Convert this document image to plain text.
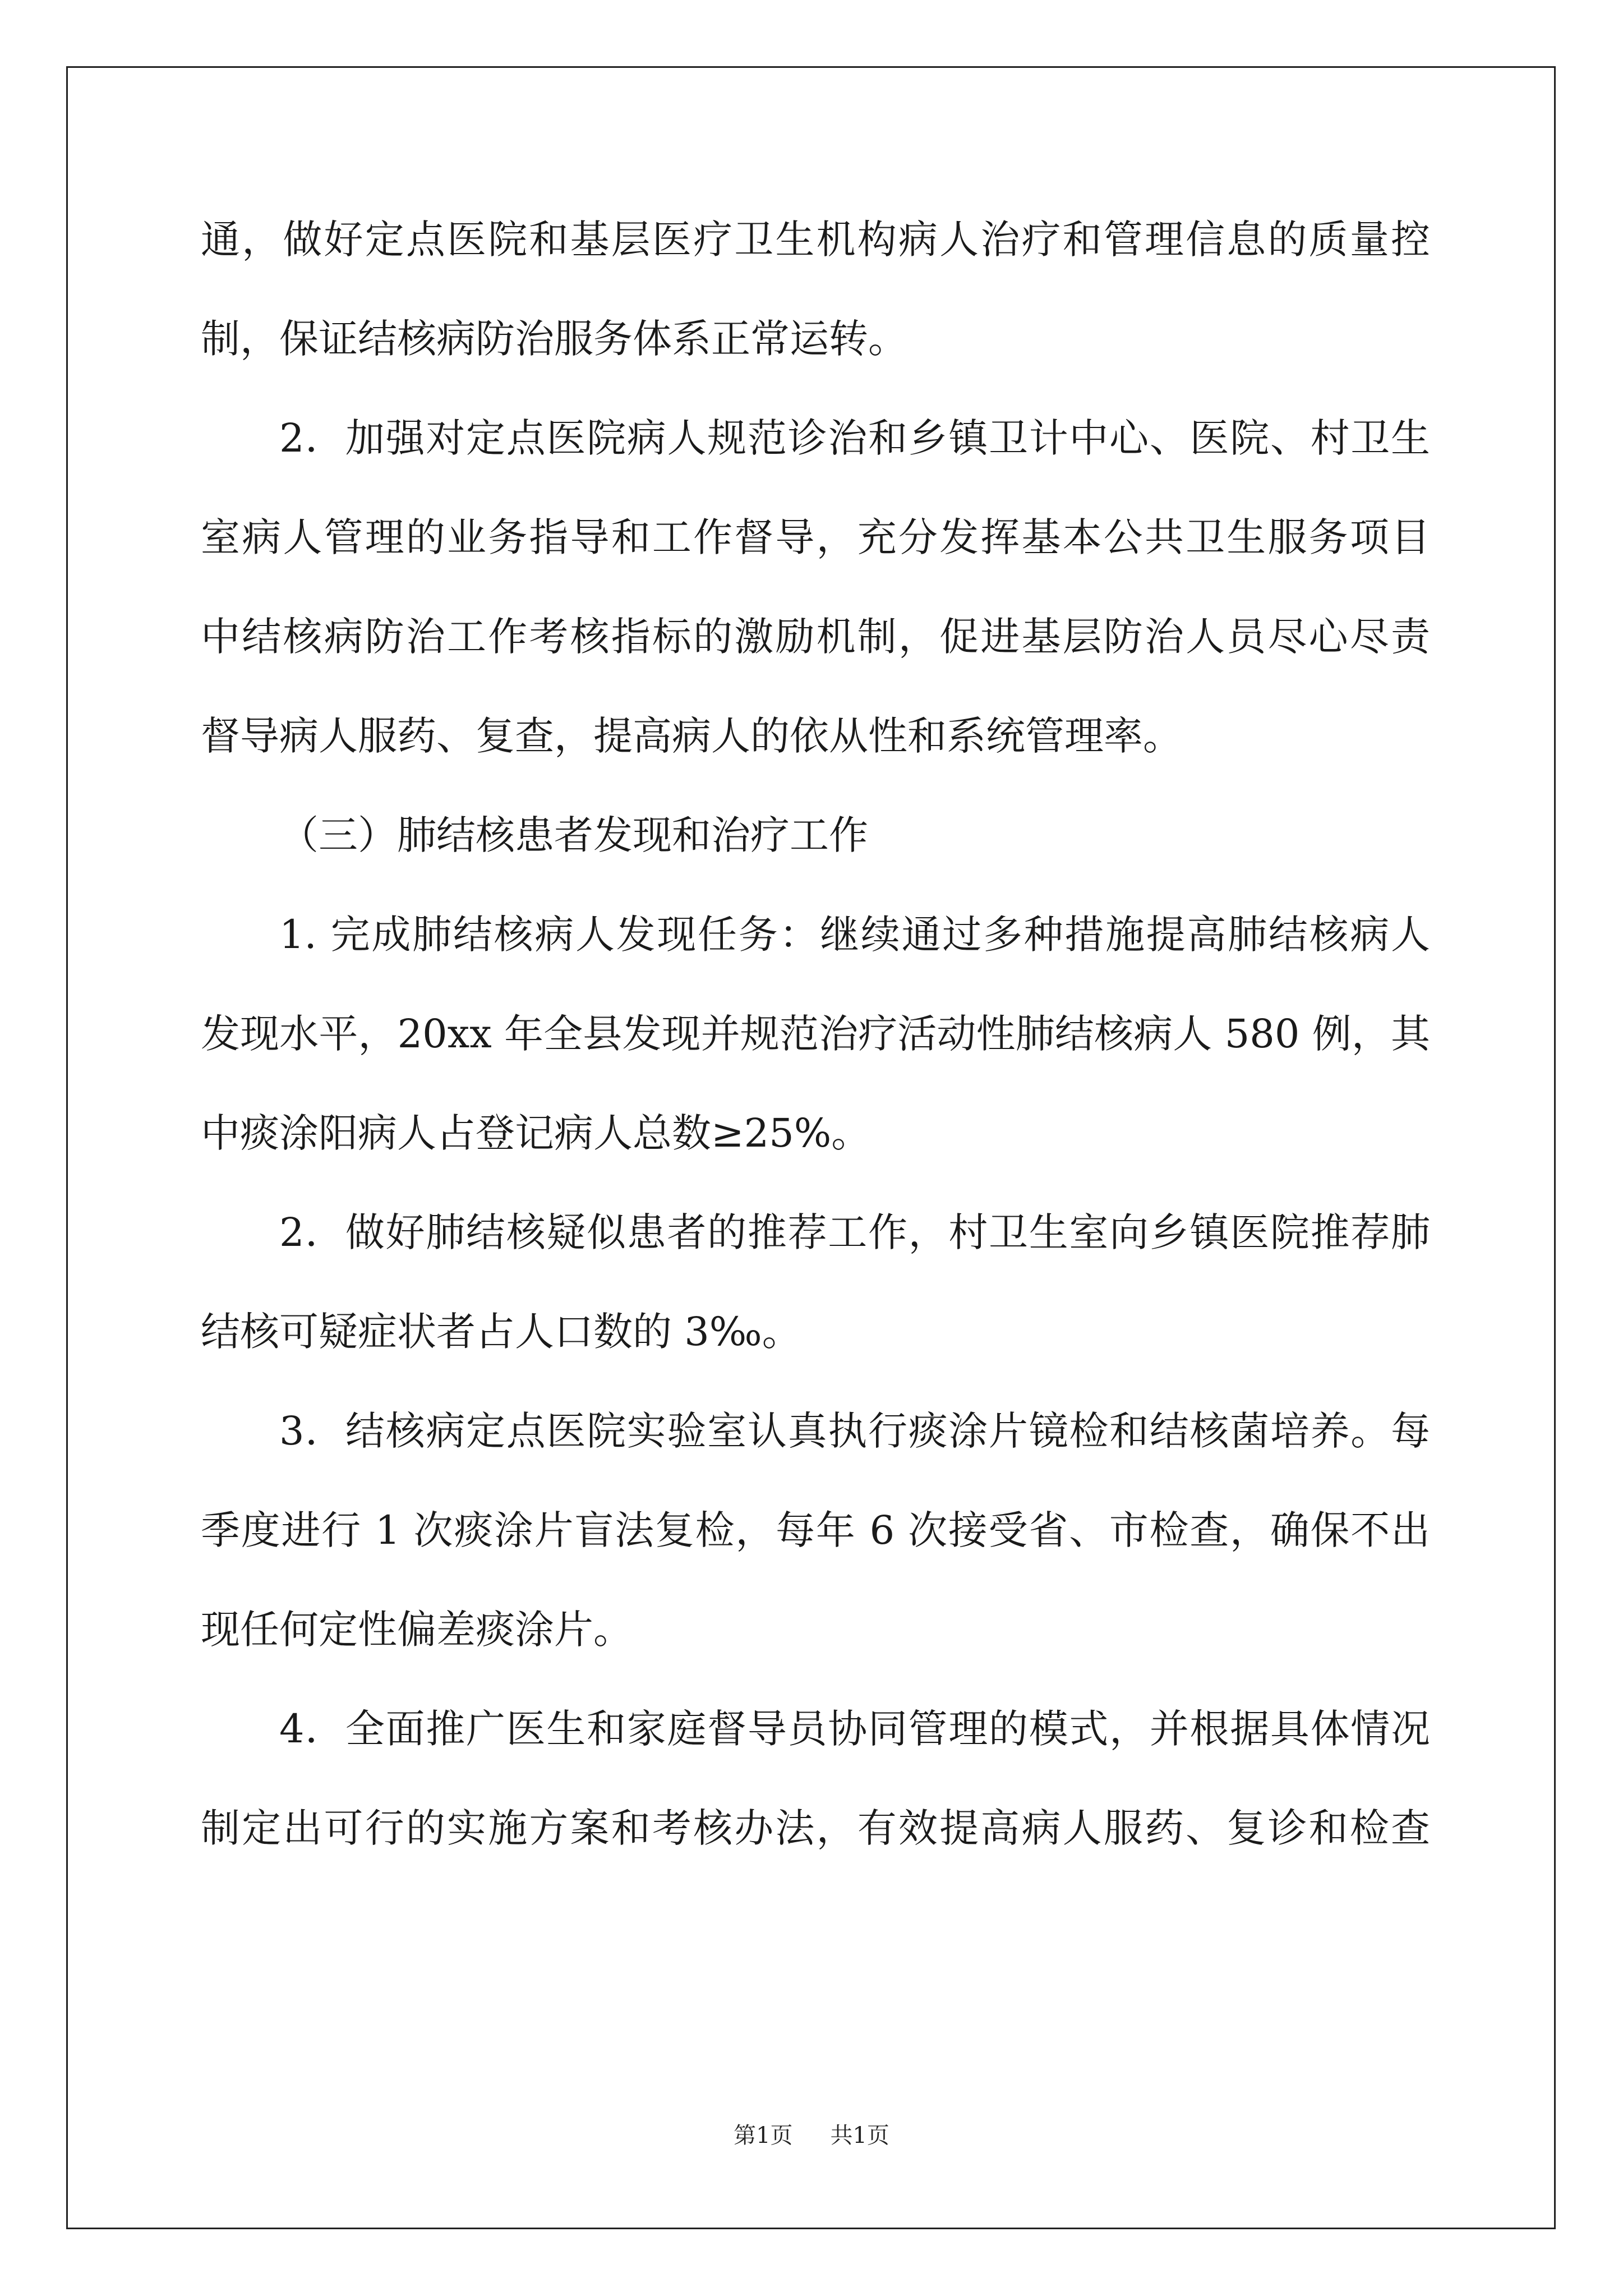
通，做好定点医院和基层医疗卫生机构病人治疗和管理信息的质量控

制，保证结核病防治服务体系正常运转。

2．加强对定点医院病人规范诊治和乡镇卫计中心、医院、村卫生

室病人管理的业务指导和工作督导，充分发挥基本公共卫生服务项目

中结核病防治工作考核指标的激励机制，促进基层防治人员尽心尽责

督导病人服药、复查，提高病人的依从性和系统管理率。

（三）肺结核患者发现和治疗工作

1. 完成肺结核病人发现任务：继续通过多种措施提高肺结核病人

发现水平，20xx 年全县发现并规范治疗活动性肺结核病人 580 例，其

中痰涂阳病人占登记病人总数≥25%。

2．做好肺结核疑似患者的推荐工作，村卫生室向乡镇医院推荐肺

结核可疑症状者占人口数的 3‰。

3．结核病定点医院实验室认真执行痰涂片镜检和结核菌培养。每

季度进行 1 次痰涂片盲法复检，每年 6 次接受省、市检查，确保不出

现任何定性偏差痰涂片。

4．全面推广医生和家庭督导员协同管理的模式，并根据具体情况

制定出可行的实施方案和考核办法，有效提高病人服药、复诊和检查

第1页 共1页
